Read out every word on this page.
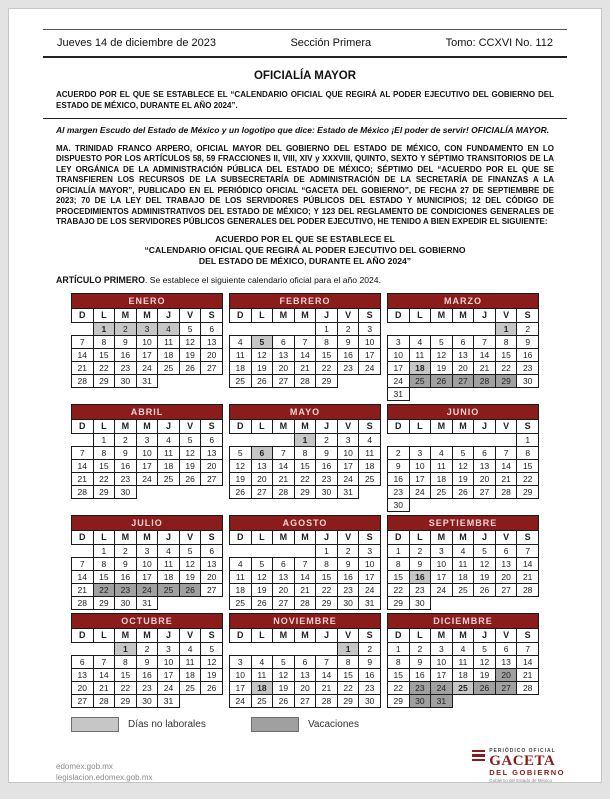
Jueves 14 de diciembre de 2023	Sección Primera	Tomo: CCXVI No. 112
OFICIALÍA MAYOR

ACUERDO POR EL QUE SE ESTABLECE EL “CALENDARIO OFICIAL QUE REGIRÁ AL PODER EJECUTIVO DEL GOBIERNO DEL ESTADO DE MÉXICO, DURANTE EL AÑO 2024”.

Al margen Escudo del Estado de México y un logotipo que dice: Estado de México ¡El poder de servir! OFICIALÍA MAYOR.

MA. TRINIDAD FRANCO ARPERO, OFICIAL MAYOR DEL GOBIERNO DEL ESTADO DE MÉXICO, CON FUNDAMENTO EN LO DISPUESTO POR LOS ARTÍCULOS 58, 59 FRACCIONES II, VIII, XIV y XXXVIII, QUINTO, SEXTO Y SÉPTIMO TRANSITORIOS DE LA LEY ORGÁNICA DE LA ADMINISTRACIÓN PÚBLICA DEL ESTADO DE MÉXICO; SÉPTIMO DEL “ACUERDO POR EL QUE SE TRANSFIEREN LOS RECURSOS DE LA SUBSECRETARÍA DE ADMINISTRACIÓN DE LA SECRETARÍA DE FINANZAS A LA OFICIALÍA MAYOR”, PUBLICADO EN EL PERIÓDICO OFICIAL “GACETA DEL GOBIERNO”, DE FECHA 27 DE SEPTIEMBRE DE 2023; 70 DE LA LEY DEL TRABAJO DE LOS SERVIDORES PÚBLICOS DEL ESTADO Y MUNICIPIOS; 12 DEL CÓDIGO DE PROCEDIMIENTOS ADMINISTRATIVOS DEL ESTADO DE MÉXICO; Y 123 DEL REGLAMENTO DE CONDICIONES GENERALES DE TRABAJO DE LOS SERVIDORES PÚBLICOS GENERALES DEL PODER EJECUTIVO, HE TENIDO A BIEN EXPEDIR EL SIGUIENTE:

ACUERDO POR EL QUE SE ESTABLECE EL
“CALENDARIO OFICIAL QUE REGIRÁ AL PODER EJECUTIVO DEL GOBIERNO
DEL ESTADO DE MÉXICO, DURANTE EL AÑO 2024”

ARTÍCULO PRIMERO. Se establece el siguiente calendario oficial para el año 2024.

ENERO						
D	L	M	M	J	V	S
	1	2	3	4	5	6
7	8	9	10	11	12	13
14	15	16	17	18	19	20
21	22	23	24	25	26	27
28	29	30	31			
FEBRERO						
D	L	M	M	J	V	S
				1	2	3
4	5	6	7	8	9	10
11	12	13	14	15	16	17
18	19	20	21	22	23	24
25	26	27	28	29		
MARZO						
D	L	M	M	J	V	S
					1	2
3	4	5	6	7	8	9
10	11	12	13	14	15	16
17	18	19	20	21	22	23
24	25	26	27	28	29	30
31						
ABRIL						
D	L	M	M	J	V	S
	1	2	3	4	5	6
7	8	9	10	11	12	13
14	15	16	17	18	19	20
21	22	23	24	25	26	27
28	29	30				
MAYO						
D	L	M	M	J	V	S
			1	2	3	4
5	6	7	8	9	10	11
12	13	14	15	16	17	18
19	20	21	22	23	24	25
26	27	28	29	30	31	
JUNIO						
D	L	M	M	J	V	S
						1
2	3	4	5	6	7	8
9	10	11	12	13	14	15
16	17	18	19	20	21	22
23	24	25	26	27	28	29
30						
JULIO						
D	L	M	M	J	V	S
	1	2	3	4	5	6
7	8	9	10	11	12	13
14	15	16	17	18	19	20
21	22	23	24	25	26	27
28	29	30	31			
AGOSTO						
D	L	M	M	J	V	S
				1	2	3
4	5	6	7	8	9	10
11	12	13	14	15	16	17
18	19	20	21	22	23	24
25	26	27	28	29	30	31
SEPTIEMBRE						
D	L	M	M	J	V	S
1	2	3	4	5	6	7
8	9	10	11	12	13	14
15	16	17	18	19	20	21
22	23	24	25	26	27	28
29	30					
OCTUBRE						
D	L	M	M	J	V	S
		1	2	3	4	5
6	7	8	9	10	11	12
13	14	15	16	17	18	19
20	21	22	23	24	25	26
27	28	29	30	31		
NOVIEMBRE						
D	L	M	M	J	V	S
					1	2
3	4	5	6	7	8	9
10	11	12	13	14	15	16
17	18	19	20	21	22	23
24	25	26	27	28	29	30
DICIEMBRE						
D	L	M	M	J	V	S
1	2	3	4	5	6	7
8	9	10	11	12	13	14
15	16	17	18	19	20	21
22	23	24	25	26	27	28
29	30	31				
Días no laborales	Vacaciones
edomex.gob.mx
legislacion.edomex.gob.mx
PERIÓDICO OFICIAL
GACETA
DEL GOBIERNO
Gobierno del Estado de México
